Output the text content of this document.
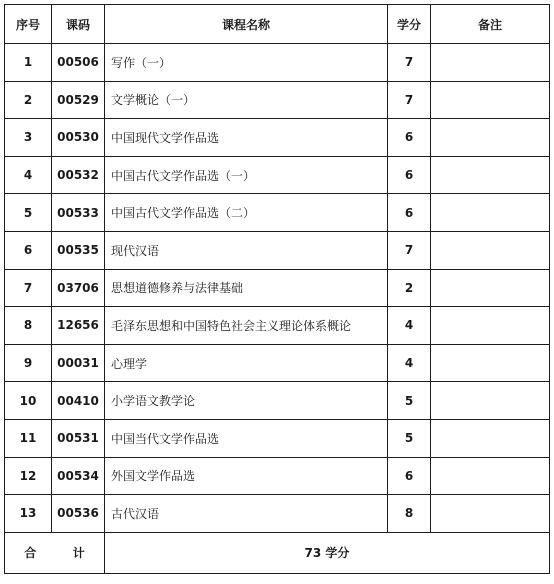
序号	课码	课程名称	学分	备注
1	00506	写作（一）	7	
2	00529	文学概论（一）	7	
3	00530	中国现代文学作品选	6	
4	00532	中国古代文学作品选（一）	6	
5	00533	中国古代文学作品选（二）	6	
6	00535	现代汉语	7	
7	03706	思想道德修养与法律基础	2	
8	12656	毛泽东思想和中国特色社会主义理论体系概论	4	
9	00031	心理学	4	
10	00410	小学语文教学论	5	
11	00531	中国当代文学作品选	5	
12	00534	外国文学作品选	6	
13	00536	古代汉语	8	
合 计		73 学分		
